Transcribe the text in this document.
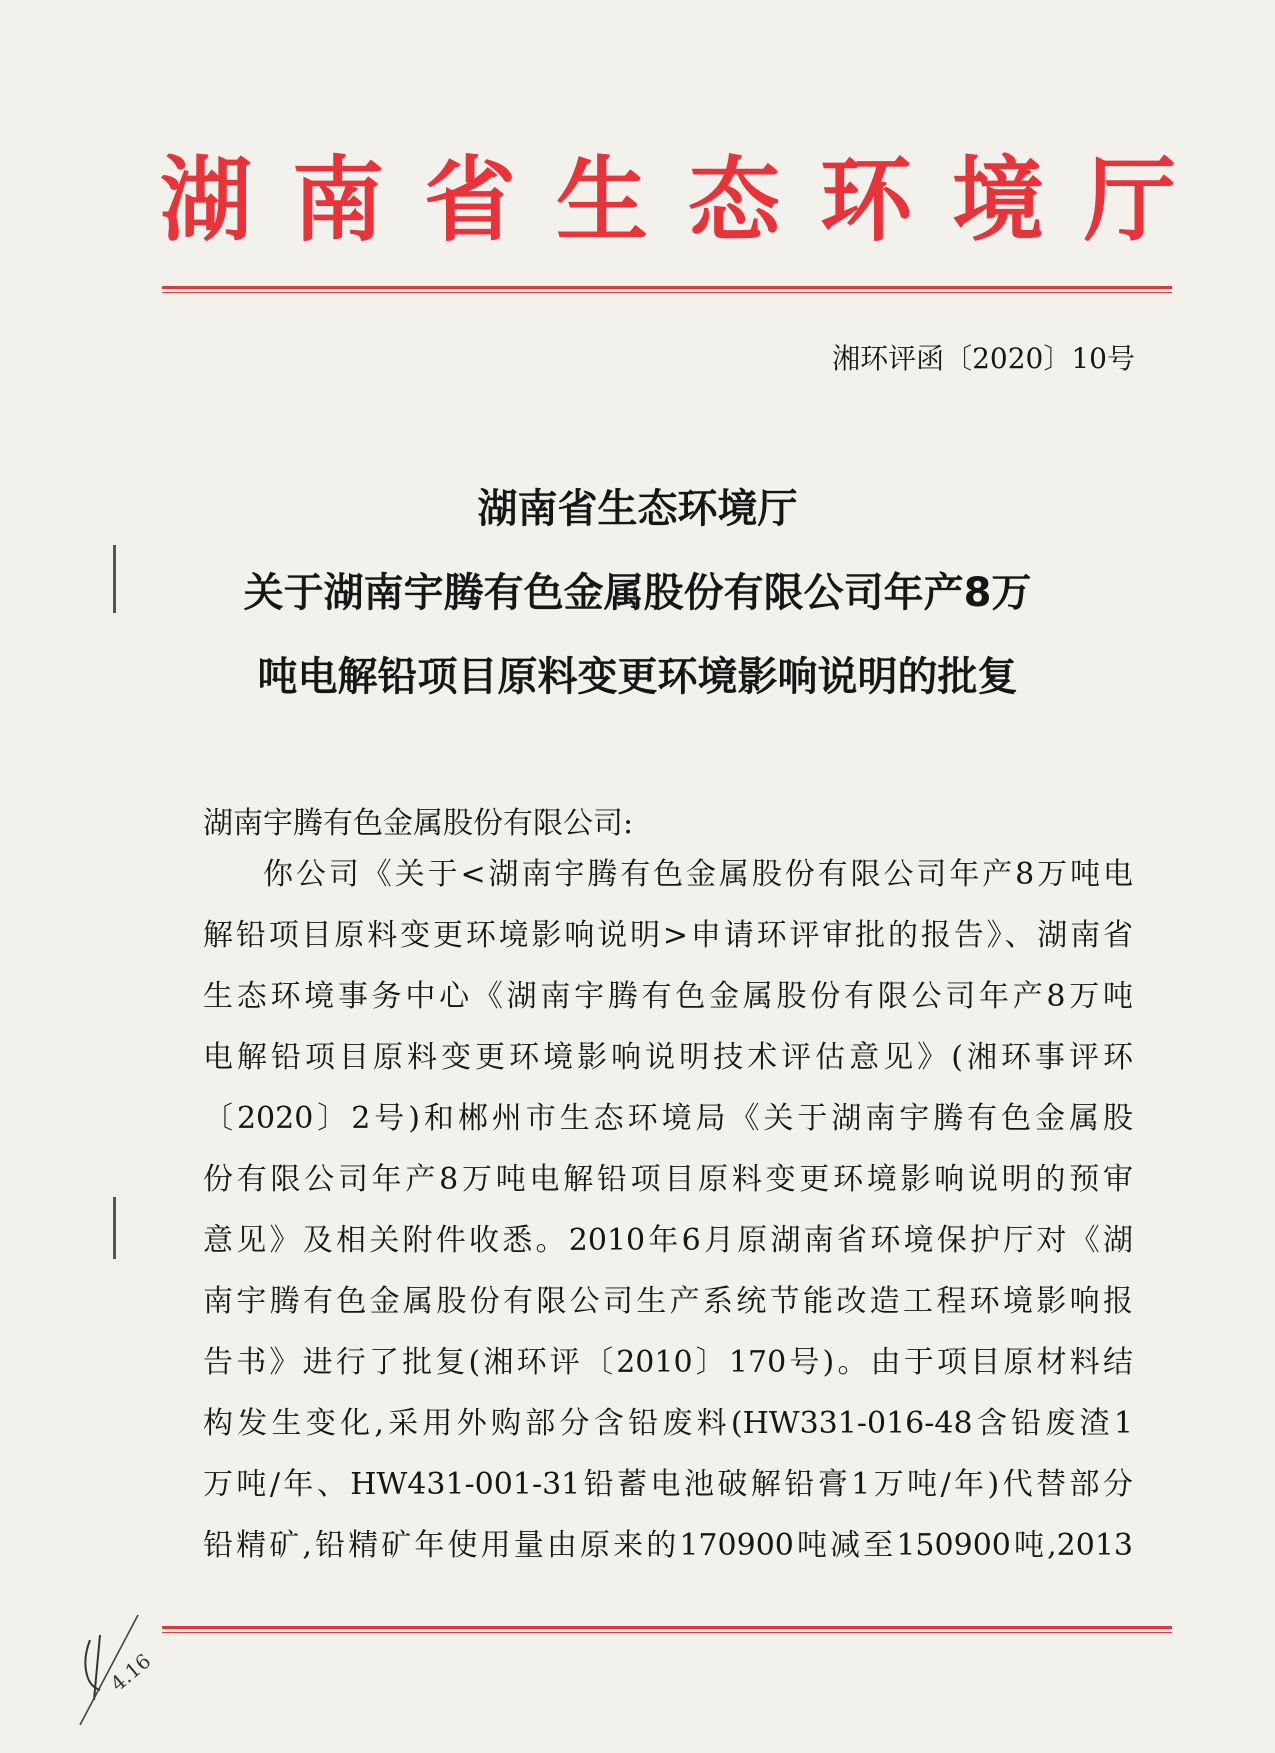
湖南省生态环境厅
湘环评函〔2020〕10号
湖南省生态环境厅
关于湖南宇腾有色金属股份有限公司年产8万
吨电解铅项目原料变更环境影响说明的批复
湖南宇腾有色金属股份有限公司:
你公司《关于<湖南宇腾有色金属股份有限公司年产8万吨电
解铅项目原料变更环境影响说明>申请环评审批的报告》、湖南省
生态环境事务中心《湖南宇腾有色金属股份有限公司年产8万吨
电解铅项目原料变更环境影响说明技术评估意见》(湘环事评环
〔2020〕2号)和郴州市生态环境局《关于湖南宇腾有色金属股
份有限公司年产8万吨电解铅项目原料变更环境影响说明的预审
意见》及相关附件收悉。2010年6月原湖南省环境保护厅对《湖
南宇腾有色金属股份有限公司生产系统节能改造工程环境影响报
告书》进行了批复(湘环评〔2010〕170号)。由于项目原材料结
构发生变化,采用外购部分含铅废料(HW331-016-48含铅废渣1
万吨/年、HW431-001-31铅蓄电池破解铅膏1万吨/年)代替部分
铅精矿,铅精矿年使用量由原来的170900吨减至150900吨,2013
4.16
